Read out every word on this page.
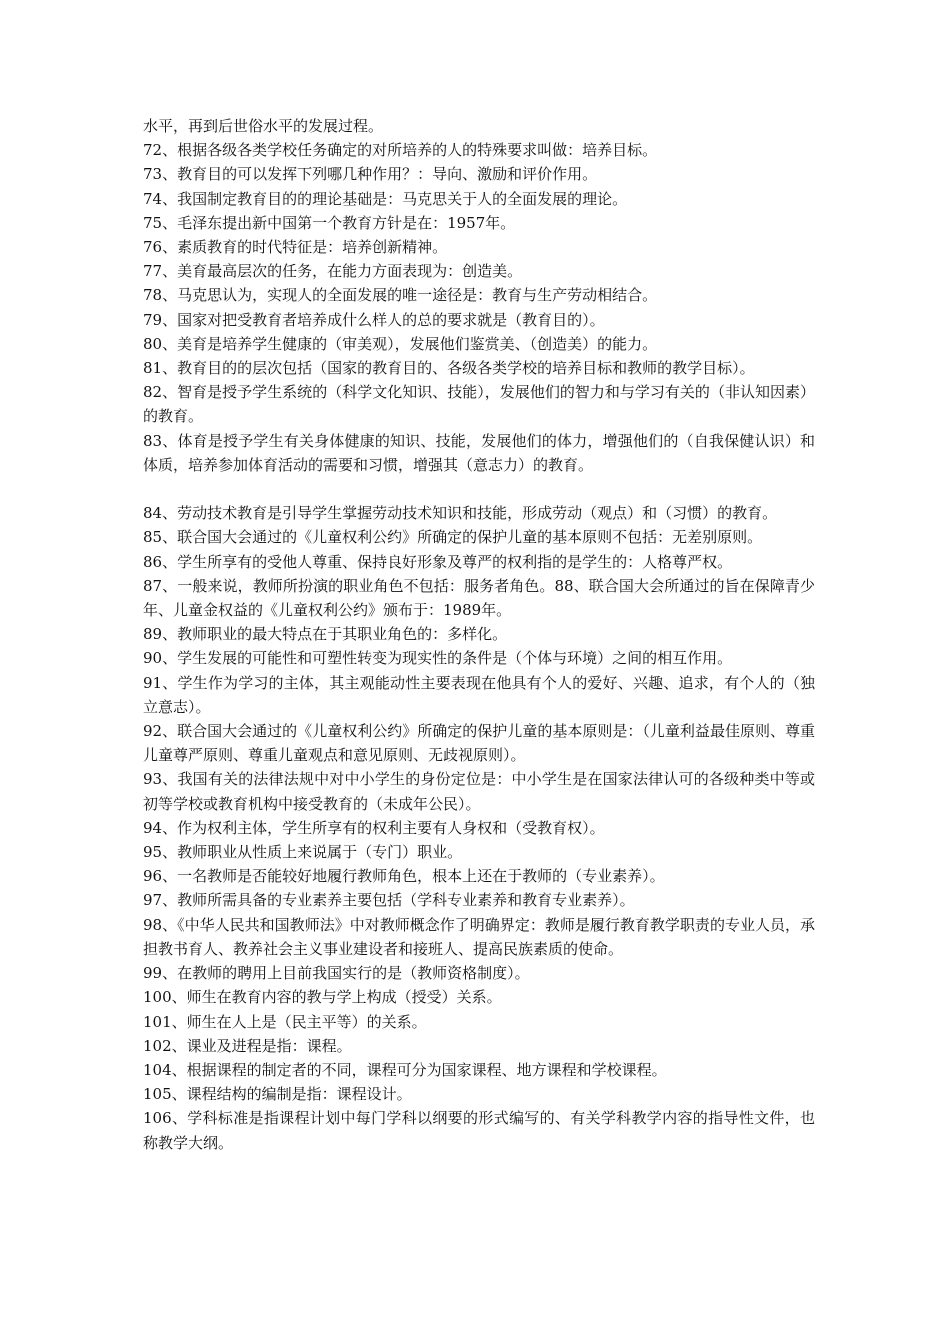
水平，再到后世俗水平的发展过程。

72、根据各级各类学校任务确定的对所培养的人的特殊要求叫做：培养目标。

73、教育目的可以发挥下列哪几种作用？：导向、激励和评价作用。

74、我国制定教育目的的理论基础是：马克思关于人的全面发展的理论。

75、毛泽东提出新中国第一个教育方针是在：1957年。

76、素质教育的时代特征是：培养创新精神。

77、美育最高层次的任务，在能力方面表现为：创造美。

78、马克思认为，实现人的全面发展的唯一途径是：教育与生产劳动相结合。

79、国家对把受教育者培养成什么样人的总的要求就是（教育目的）。

80、美育是培养学生健康的（审美观），发展他们鉴赏美、（创造美）的能力。

81、教育目的的层次包括（国家的教育目的、各级各类学校的培养目标和教师的教学目标）。

82、智育是授予学生系统的（科学文化知识、技能），发展他们的智力和与学习有关的（非认知因素）的教育。

83、体育是授予学生有关身体健康的知识、技能，发展他们的体力，增强他们的（自我保健认识）和体质，培养参加体育活动的需要和习惯，增强其（意志力）的教育。

84、劳动技术教育是引导学生掌握劳动技术知识和技能，形成劳动（观点）和（习惯）的教育。

85、联合国大会通过的《儿童权利公约》所确定的保护儿童的基本原则不包括：无差别原则。

86、学生所享有的受他人尊重、保持良好形象及尊严的权利指的是学生的：人格尊严权。

87、一般来说，教师所扮演的职业角色不包括：服务者角色。88、联合国大会所通过的旨在保障青少年、儿童金权益的《儿童权利公约》颁布于：1989年。

89、教师职业的最大特点在于其职业角色的：多样化。

90、学生发展的可能性和可塑性转变为现实性的条件是（个体与环境）之间的相互作用。

91、学生作为学习的主体，其主观能动性主要表现在他具有个人的爱好、兴趣、追求，有个人的（独立意志）。

92、联合国大会通过的《儿童权利公约》所确定的保护儿童的基本原则是：（儿童利益最佳原则、尊重儿童尊严原则、尊重儿童观点和意见原则、无歧视原则）。

93、我国有关的法律法规中对中小学生的身份定位是：中小学生是在国家法律认可的各级种类中等或初等学校或教育机构中接受教育的（未成年公民）。

94、作为权利主体，学生所享有的权利主要有人身权和（受教育权）。

95、教师职业从性质上来说属于（专门）职业。

96、一名教师是否能较好地履行教师角色，根本上还在于教师的（专业素养）。

97、教师所需具备的专业素养主要包括（学科专业素养和教育专业素养）。

98、《中华人民共和国教师法》中对教师概念作了明确界定：教师是履行教育教学职责的专业人员，承担教书育人、教养社会主义事业建设者和接班人、提高民族素质的使命。

99、在教师的聘用上目前我国实行的是（教师资格制度）。

100、师生在教育内容的教与学上构成（授受）关系。

101、师生在人上是（民主平等）的关系。

102、课业及进程是指：课程。

104、根据课程的制定者的不同，课程可分为国家课程、地方课程和学校课程。

105、课程结构的编制是指：课程设计。

106、学科标准是指课程计划中每门学科以纲要的形式编写的、有关学科教学内容的指导性文件，也称教学大纲。
